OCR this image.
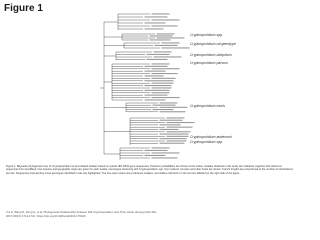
Figure 1
Cryptosporidium spp.
Cryptosporidium rat genotype
Cryptosporidium ubiquitum
Cryptosporidium parvum
Cryptosporidium muris
Cryptosporidium andersoni
Cryptosporidium spp.
Figure 1. Bayesian phylogenetic tree of Cryptosporidium rat and related isolates based on partial 18S rRNA gene sequences. Posterior probabilities are shown at the nodes. Isolates obtained in this study are indicated, together with reference sequences from GenBank; host species and geographic origin are given for each isolate. Genotypes clustering with Cryptosporidium spp. from rodents, humans and other hosts are shown; branch lengths are proportional to the number of substitutions per site. Sequences representing novel genotypes identified in rats are highlighted. The tree was rooted using reference isolates, and clades referred to in the text are labelled on the right side of the figure.
Cui Z, Wang R, Dong H, et al. Phylogenetic Relationship between Rat Cryptosporidium and Their Hosts. Emerg Infect Dis.
2017;23(10):1714-1721. https://doi.org/10.3201/eid2310.170440
